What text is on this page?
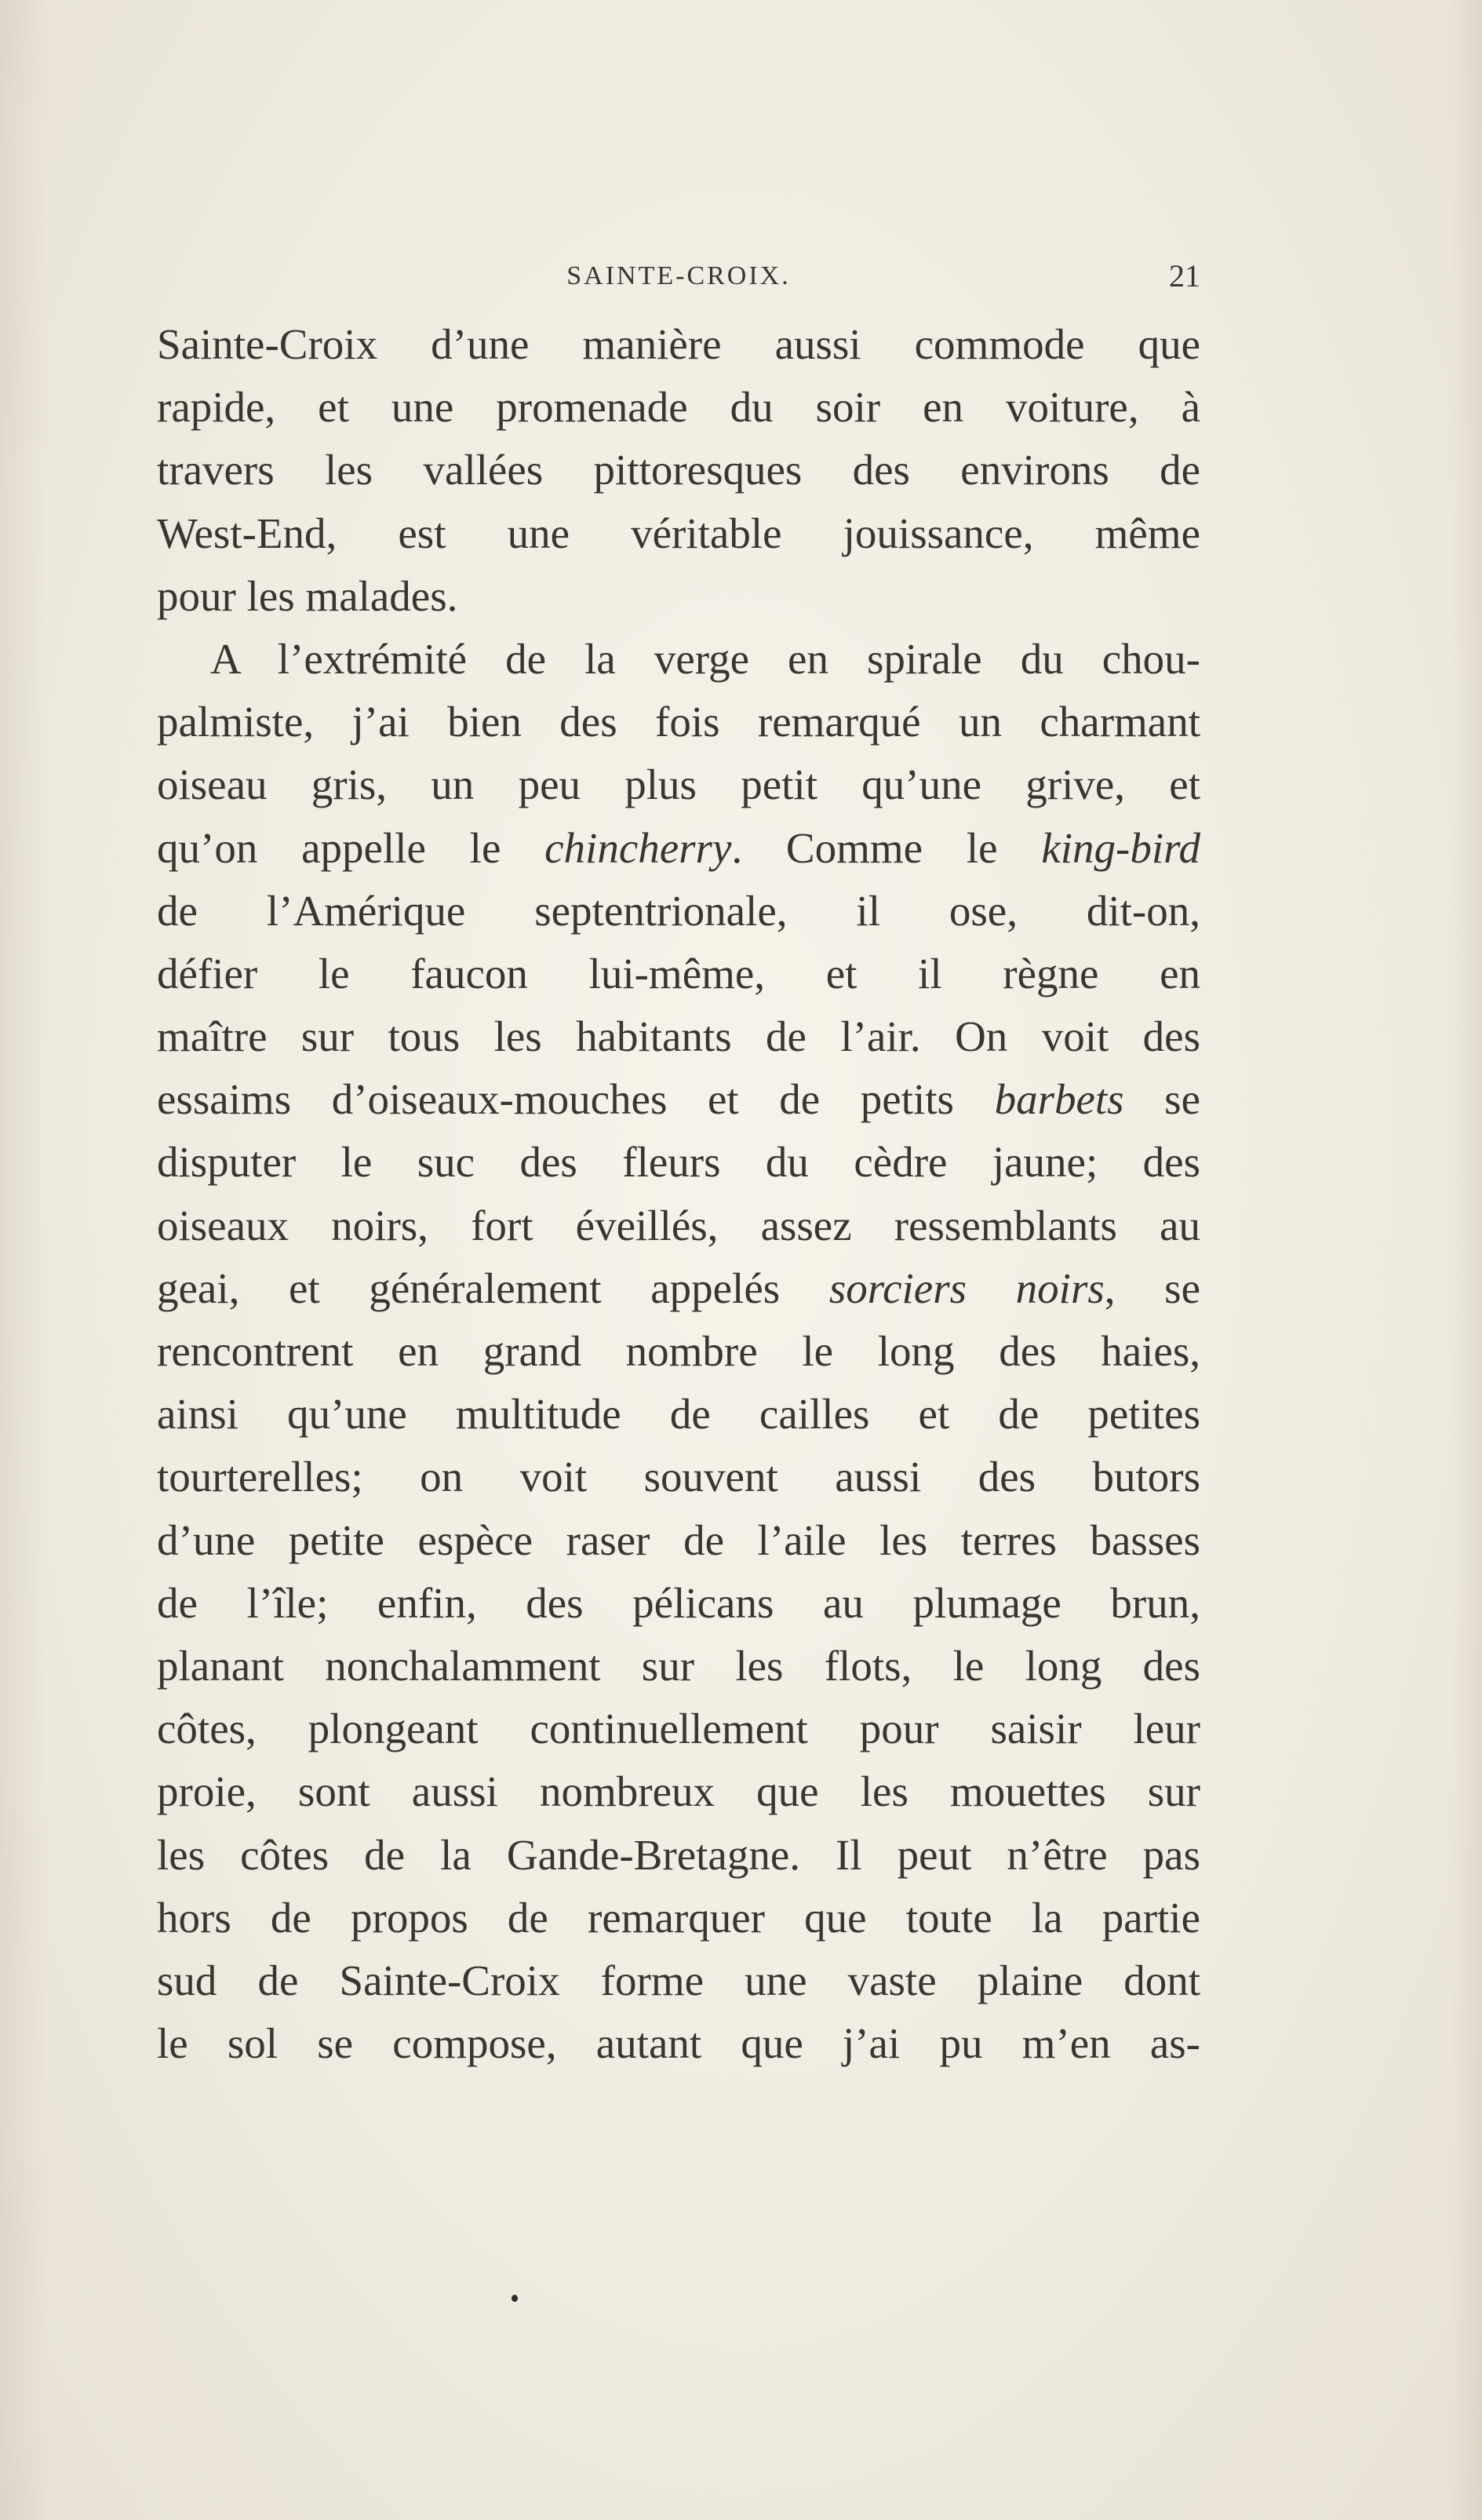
SAINTE-CROIX.	21
Sainte-Croix d’une manière aussi commode que
rapide, et une promenade du soir en voiture, à
travers les vallées pittoresques des environs de
West-End, est une véritable jouissance, même
pour les malades.
A l’extrémité de la verge en spirale du chou-
palmiste, j’ai bien des fois remarqué un charmant
oiseau gris, un peu plus petit qu’une grive, et
qu’on appelle le chincherry. Comme le king-bird
de l’Amérique septentrionale, il ose, dit-on,
défier le faucon lui-même, et il règne en
maître sur tous les habitants de l’air. On voit des
essaims d’oiseaux-mouches et de petits barbets se
disputer le suc des fleurs du cèdre jaune; des
oiseaux noirs, fort éveillés, assez ressemblants au
geai, et généralement appelés sorciers noirs, se
rencontrent en grand nombre le long des haies,
ainsi qu’une multitude de cailles et de petites
tourterelles; on voit souvent aussi des butors
d’une petite espèce raser de l’aile les terres basses
de l’île; enfin, des pélicans au plumage brun,
planant nonchalamment sur les flots, le long des
côtes, plongeant continuellement pour saisir leur
proie, sont aussi nombreux que les mouettes sur
les côtes de la Gande-Bretagne. Il peut n’être pas
hors de propos de remarquer que toute la partie
sud de Sainte-Croix forme une vaste plaine dont
le sol se compose, autant que j’ai pu m’en as-
